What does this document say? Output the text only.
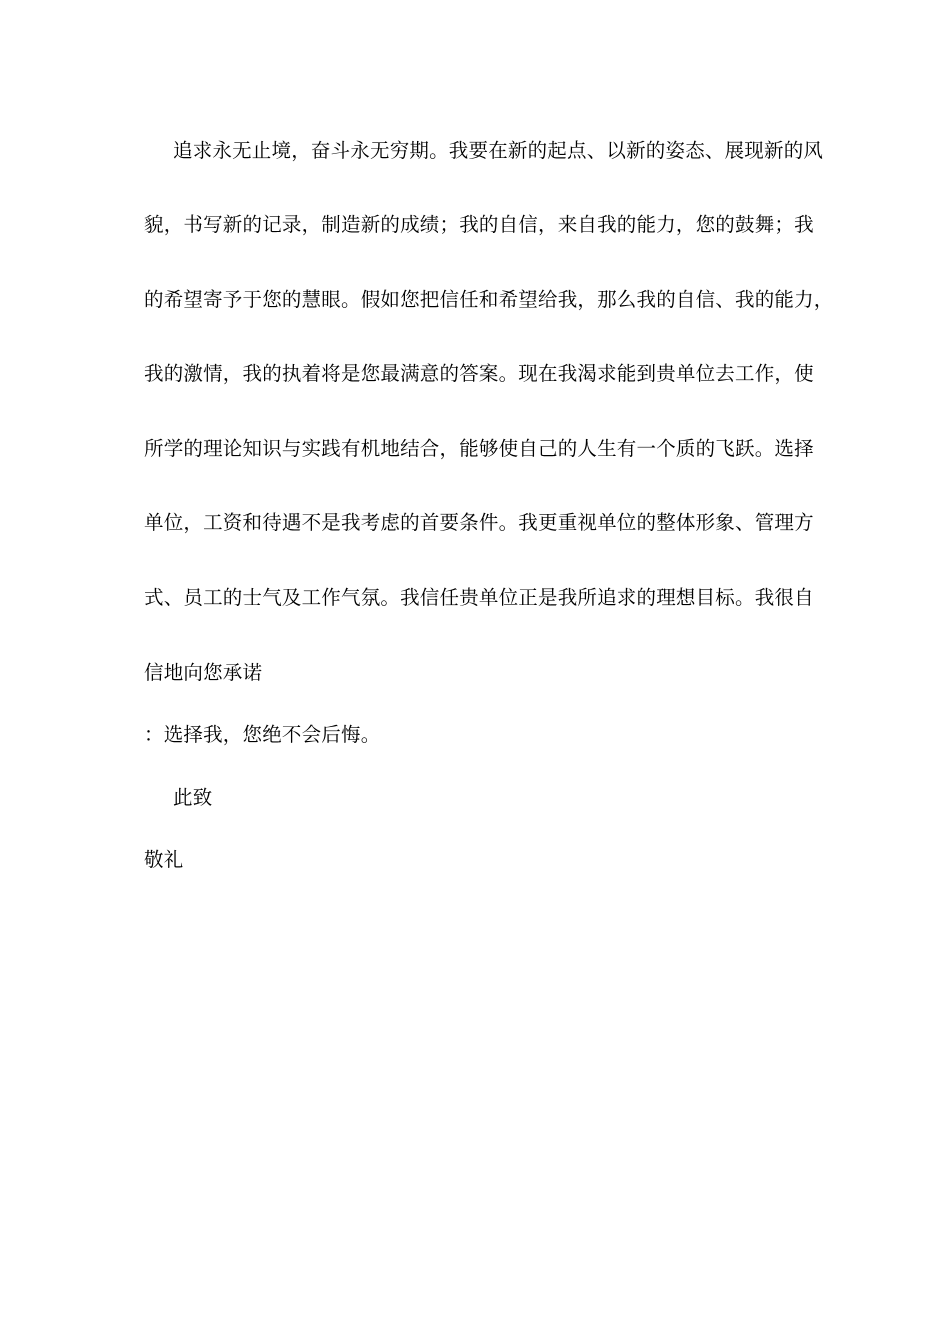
追求永无止境，奋斗永无穷期。我要在新的起点、以新的姿态、展现新的风
貌，书写新的记录，制造新的成绩；我的自信，来自我的能力，您的鼓舞；我
的希望寄予于您的慧眼。假如您把信任和希望给我，那么我的自信、我的能力，
我的激情，我的执着将是您最满意的答案。现在我渴求能到贵单位去工作，使
所学的理论知识与实践有机地结合，能够使自己的人生有一个质的飞跃。选择
单位，工资和待遇不是我考虑的首要条件。我更重视单位的整体形象、管理方
式、员工的士气及工作气氛。我信任贵单位正是我所追求的理想目标。我很自
信地向您承诺
：选择我，您绝不会后悔。
此致
敬礼
